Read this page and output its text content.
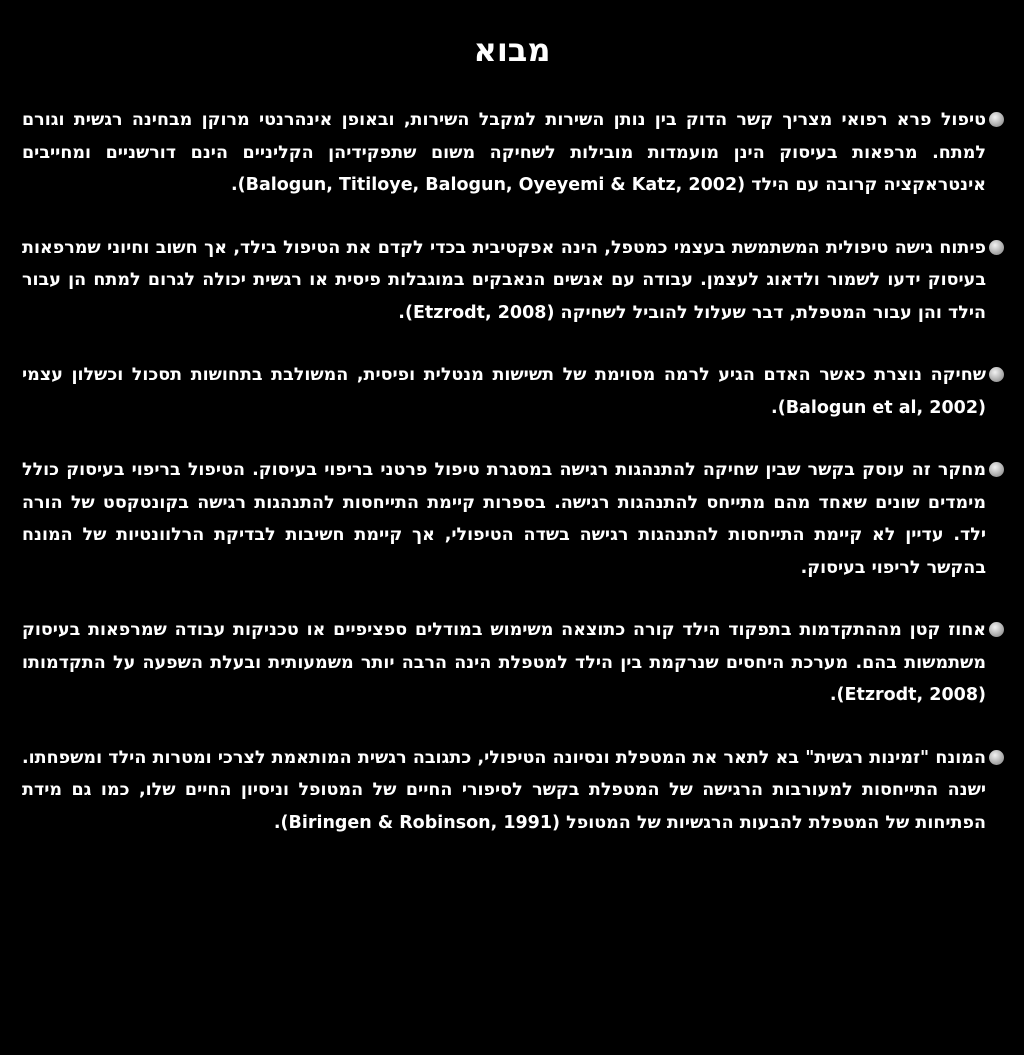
מבוא
טיפול פרא רפואי מצריך קשר הדוק בין נותן השירות למקבל השירות, ובאופן אינהרנטי מרוקן מבחינה רגשית וגורם למתח. מרפאות בעיסוק הינן מועמדות מובילות לשחיקה משום שתפקידיהן הקליניים הינם דורשניים ומחייבים אינטראקציה קרובה עם הילד (Balogun, Titiloye, Balogun, Oyeyemi & Katz, 2002).
פיתוח גישה טיפולית המשתמשת בעצמי כמטפל, הינה אפקטיבית בכדי לקדם את הטיפול בילד, אך חשוב וחיוני שמרפאות בעיסוק ידעו לשמור ולדאוג לעצמן. עבודה עם אנשים הנאבקים במוגבלות פיסית או רגשית יכולה לגרום למתח הן עבור הילד והן עבור המטפלת, דבר שעלול להוביל לשחיקה (Etzrodt, 2008).
שחיקה נוצרת כאשר האדם הגיע לרמה מסוימת של תשישות מנטלית ופיסית, המשולבת בתחושות תסכול וכשלון עצמי (Balogun et al, 2002).
מחקר זה עוסק בקשר שבין שחיקה להתנהגות רגישה במסגרת טיפול פרטני בריפוי בעיסוק. הטיפול בריפוי בעיסוק כולל מימדים שונים שאחד מהם מתייחס להתנהגות רגישה. בספרות קיימת התייחסות להתנהגות רגישה בקונטקסט של הורה ילד. עדיין לא קיימת התייחסות להתנהגות רגישה בשדה הטיפולי, אך קיימת חשיבות לבדיקת הרלוונטיות של המונח בהקשר לריפוי בעיסוק.
אחוז קטן מההתקדמות בתפקוד הילד קורה כתוצאה משימוש במודלים ספציפיים או טכניקות עבודה שמרפאות בעיסוק משתמשות בהם. מערכת היחסים שנרקמת בין הילד למטפלת הינה הרבה יותר משמעותית ובעלת השפעה על התקדמותו (Etzrodt, 2008).
המונח "זמינות רגשית" בא לתאר את המטפלת ונסיונה הטיפולי, כתגובה רגשית המותאמת לצרכי ומטרות הילד ומשפחתו. ישנה התייחסות למעורבות הרגישה של המטפלת בקשר לסיפורי החיים של המטופל וניסיון החיים שלו, כמו גם מידת הפתיחות של המטפלת להבעות הרגשיות של המטופל (Biringen & Robinson, 1991).
